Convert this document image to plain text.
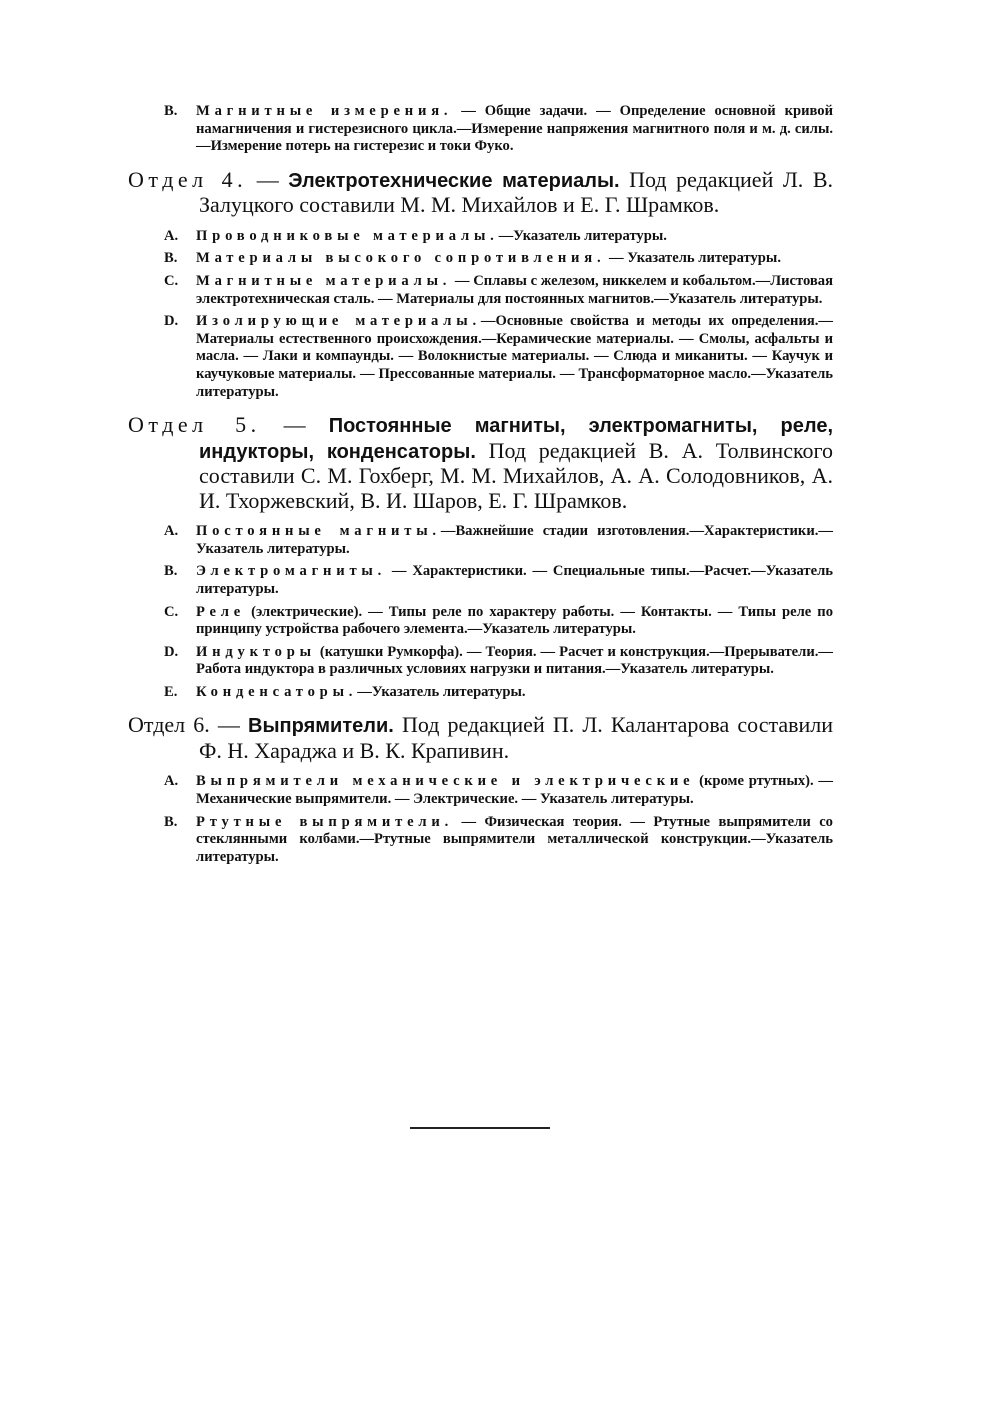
B. Магнитные измерения. — Общие задачи. — Определение основной кривой намагничения и гистерезисного цикла.—Измерение напряжения магнитного поля и м. д. силы.—Измерение потерь на гистерезис и токи Фуко.

Отдел 4. — Электротехнические материалы. Под редакцией Л. В. Залуцкого составили М. М. Михайлов и Е. Г. Шрамков.

A. Проводниковые материалы.—Указатель литературы.

B. Материалы высокого сопротивления. — Указатель литературы.

C. Магнитные материалы. — Сплавы с железом, никкелем и кобальтом.—Листовая электротехническая сталь. — Материалы для постоянных магнитов.—Указатель литературы.

D. Изолирующие материалы.—Основные свойства и методы их определения.—Материалы естественного происхождения.—Керамические материалы. — Смолы, асфальты и масла. — Лаки и компаунды. — Волокнистые материалы. — Слюда и миканиты. — Каучук и каучуковые материалы. — Прессованные материалы. — Трансформаторное масло.—Указатель литературы.

Отдел 5. — Постоянные магниты, электромагниты, реле, индукторы, конденсаторы. Под редакцией В. А. Толвинского составили С. М. Гохберг, М. М. Михайлов, А. А. Солодовников, А. И. Тхоржевский, В. И. Шаров, Е. Г. Шрамков.

A. Постоянные магниты.—Важнейшие стадии изготовления.—Характеристики.—Указатель литературы.

B. Электромагниты. — Характеристики. — Специальные типы.—Расчет.—Указатель литературы.

C. Реле (электрические). — Типы реле по характеру работы. — Контакты. — Типы реле по принципу устройства рабочего элемента.—Указатель литературы.

D. Индукторы (катушки Румкорфа). — Теория. — Расчет и конструкция.—Прерыватели.—Работа индуктора в различных условиях нагрузки и питания.—Указатель литературы.

E. Конденсаторы.—Указатель литературы.

Отдел 6. — Выпрямители. Под редакцией П. Л. Калантарова составили Ф. Н. Хараджа и В. К. Крапивин.

A. Выпрямители механические и электрические (кроме ртутных). — Механические выпрямители. — Электрические. — Указатель литературы.

B. Ртутные выпрямители. — Физическая теория. — Ртутные выпрямители со стеклянными колбами.—Ртутные выпрямители металлической конструкции.—Указатель литературы.
